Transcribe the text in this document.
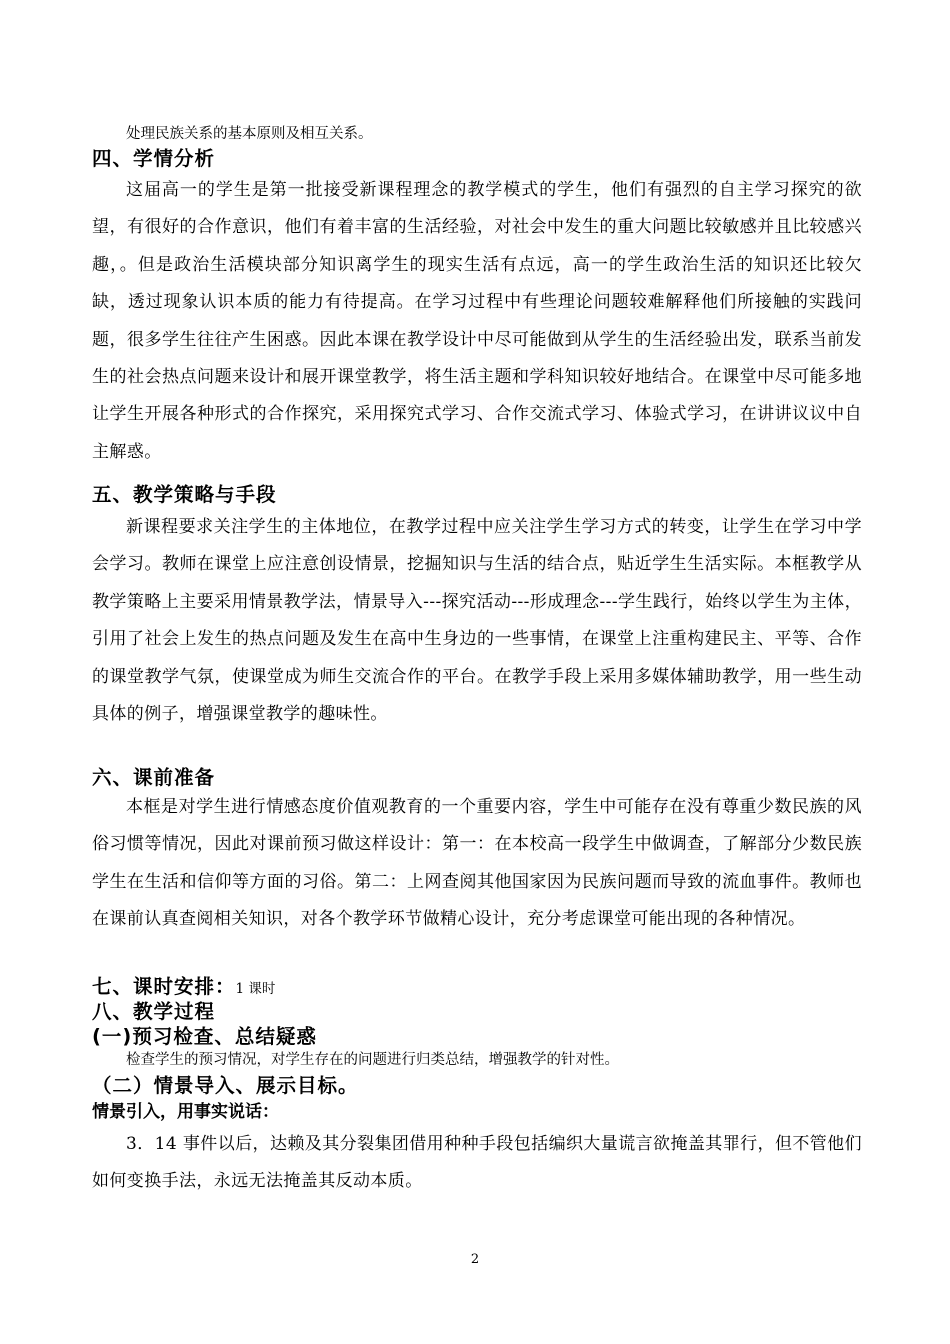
处理民族关系的基本原则及相互关系。
四、学情分析
这届高一的学生是第一批接受新课程理念的教学模式的学生，他们有强烈的自主学习探究的欲望，有很好的合作意识，他们有着丰富的生活经验，对社会中发生的重大问题比较敏感并且比较感兴趣，。但是政治生活模块部分知识离学生的现实生活有点远，高一的学生政治生活的知识还比较欠缺，透过现象认识本质的能力有待提高。在学习过程中有些理论问题较难解释他们所接触的实践问题，很多学生往往产生困惑。因此本课在教学设计中尽可能做到从学生的生活经验出发，联系当前发生的社会热点问题来设计和展开课堂教学，将生活主题和学科知识较好地结合。在课堂中尽可能多地让学生开展各种形式的合作探究，采用探究式学习、合作交流式学习、体验式学习，在讲讲议议中自主解惑。
五、教学策略与手段
新课程要求关注学生的主体地位，在教学过程中应关注学生学习方式的转变，让学生在学习中学会学习。教师在课堂上应注意创设情景，挖掘知识与生活的结合点，贴近学生生活实际。本框教学从教学策略上主要采用情景教学法，情景导入---探究活动---形成理念---学生践行，始终以学生为主体，引用了社会上发生的热点问题及发生在高中生身边的一些事情，在课堂上注重构建民主、平等、合作的课堂教学气氛，使课堂成为师生交流合作的平台。在教学手段上采用多媒体辅助教学，用一些生动具体的例子，增强课堂教学的趣味性。
六、课前准备
本框是对学生进行情感态度价值观教育的一个重要内容，学生中可能存在没有尊重少数民族的风俗习惯等情况，因此对课前预习做这样设计：第一：在本校高一段学生中做调查，了解部分少数民族学生在生活和信仰等方面的习俗。第二：上网查阅其他国家因为民族问题而导致的流血事件。教师也在课前认真查阅相关知识，对各个教学环节做精心设计，充分考虑课堂可能出现的各种情况。
七、课时安排：1 课时
八、教学过程
(一)预习检查、总结疑惑
检查学生的预习情况，对学生存在的问题进行归类总结，增强教学的针对性。
（二）情景导入、展示目标。
情景引入，用事实说话：
3．14 事件以后，达赖及其分裂集团借用种种手段包括编织大量谎言欲掩盖其罪行，但不管他们如何变换手法，永远无法掩盖其反动本质。
2
